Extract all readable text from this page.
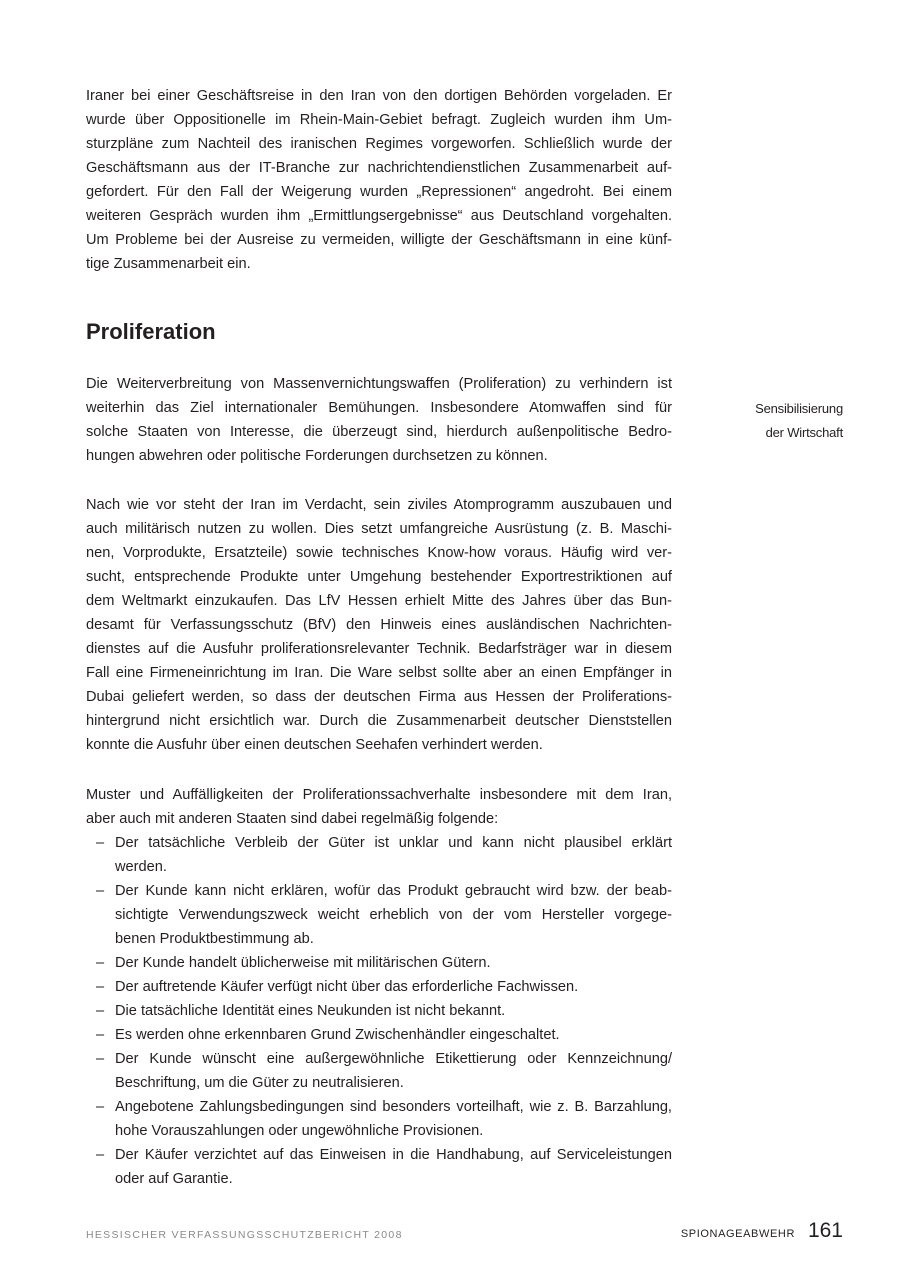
Iraner bei einer Geschäftsreise in den Iran von den dortigen Behörden vorgeladen. Er
wurde über Oppositionelle im Rhein-Main-Gebiet befragt. Zugleich wurden ihm Um-
sturzpläne zum Nachteil des iranischen Regimes vorgeworfen. Schließlich wurde der
Geschäftsmann aus der IT-Branche zur nachrichtendienstlichen Zusammenarbeit auf-
gefordert. Für den Fall der Weigerung wurden „Repressionen“ angedroht. Bei einem
weiteren Gespräch wurden ihm „Ermittlungsergebnisse“ aus Deutschland vorgehalten.
Um Probleme bei der Ausreise zu vermeiden, willigte der Geschäftsmann in eine künf-
tige Zusammenarbeit ein.
Proliferation
Die Weiterverbreitung von Massenvernichtungswaffen (Proliferation) zu verhindern ist
weiterhin das Ziel internationaler Bemühungen. Insbesondere Atomwaffen sind für
solche Staaten von Interesse, die überzeugt sind, hierdurch außenpolitische Bedro-
hungen abwehren oder politische Forderungen durchsetzen zu können.
Nach wie vor steht der Iran im Verdacht, sein ziviles Atomprogramm auszubauen und
auch militärisch nutzen zu wollen. Dies setzt umfangreiche Ausrüstung (z. B. Maschi-
nen, Vorprodukte, Ersatzteile) sowie technisches Know-how voraus. Häufig wird ver-
sucht, entsprechende Produkte unter Umgehung bestehender Exportrestriktionen auf
dem Weltmarkt einzukaufen. Das LfV Hessen erhielt Mitte des Jahres über das Bun-
desamt für Verfassungsschutz (BfV) den Hinweis eines ausländischen Nachrichten-
dienstes auf die Ausfuhr proliferationsrelevanter Technik. Bedarfsträger war in diesem
Fall eine Firmeneinrichtung im Iran. Die Ware selbst sollte aber an einen Empfänger in
Dubai geliefert werden, so dass der deutschen Firma aus Hessen der Proliferations-
hintergrund nicht ersichtlich war. Durch die Zusammenarbeit deutscher Dienststellen
konnte die Ausfuhr über einen deutschen Seehafen verhindert werden.
Muster und Auffälligkeiten der Proliferationssachverhalte insbesondere mit dem Iran,
aber auch mit anderen Staaten sind dabei regelmäßig folgende:
– Der tatsächliche Verbleib der Güter ist unklar und kann nicht plausibel erklärt
werden.
– Der Kunde kann nicht erklären, wofür das Produkt gebraucht wird bzw. der beab-
sichtigte Verwendungszweck weicht erheblich von der vom Hersteller vorgege-
benen Produktbestimmung ab.
– Der Kunde handelt üblicherweise mit militärischen Gütern.
– Der auftretende Käufer verfügt nicht über das erforderliche Fachwissen.
– Die tatsächliche Identität eines Neukunden ist nicht bekannt.
– Es werden ohne erkennbaren Grund Zwischenhändler eingeschaltet.
– Der Kunde wünscht eine außergewöhnliche Etikettierung oder Kennzeichnung/
Beschriftung, um die Güter zu neutralisieren.
– Angebotene Zahlungsbedingungen sind besonders vorteilhaft, wie z. B. Barzahlung,
hohe Vorauszahlungen oder ungewöhnliche Provisionen.
– Der Käufer verzichtet auf das Einweisen in die Handhabung, auf Serviceleistungen
oder auf Garantie.
Sensibilisierung
der Wirtschaft
HESSISCHER VERFASSUNGSSCHUTZBERICHT 2008	SPIONAGEABWEHR 161
